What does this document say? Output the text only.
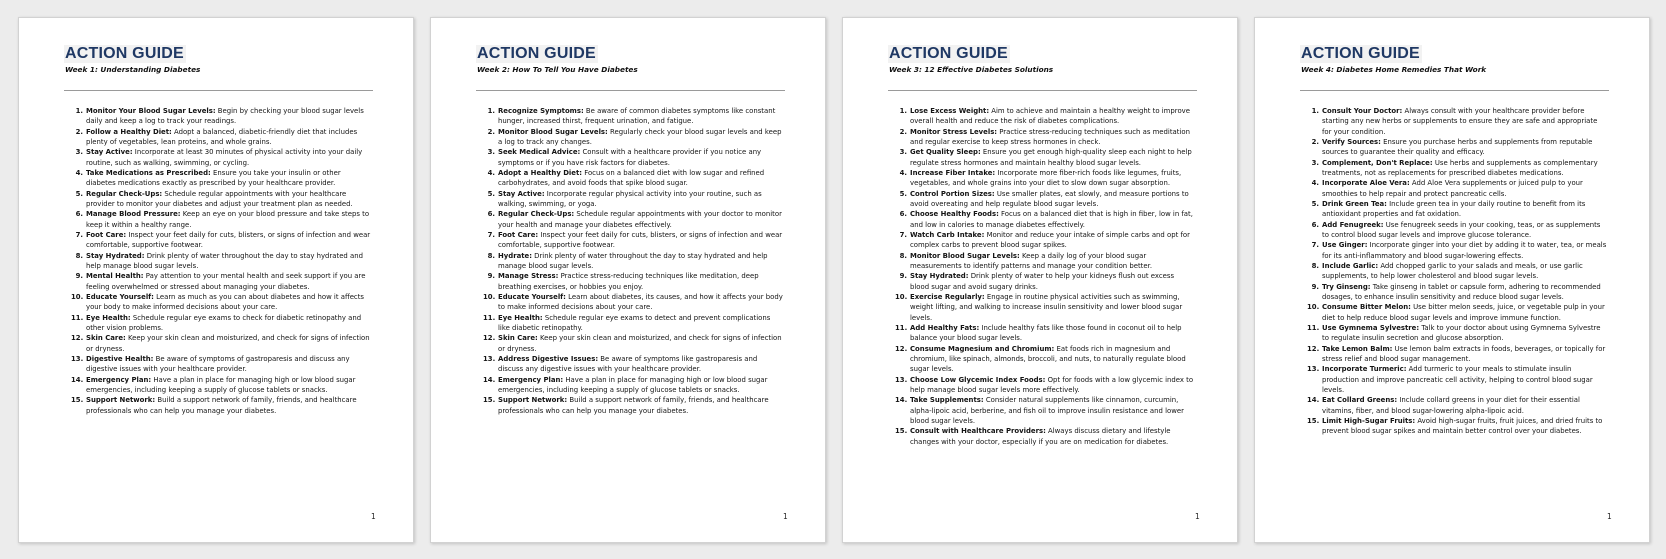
ACTION GUIDE
Week 1: Understanding Diabetes
1. Monitor Your Blood Sugar Levels: Begin by checking your blood sugar levels daily and keep a log to track your readings.
2. Follow a Healthy Diet: Adopt a balanced, diabetic-friendly diet that includes plenty of vegetables, lean proteins, and whole grains.
3. Stay Active: Incorporate at least 30 minutes of physical activity into your daily routine, such as walking, swimming, or cycling.
4. Take Medications as Prescribed: Ensure you take your insulin or other diabetes medications exactly as prescribed by your healthcare provider.
5. Regular Check-Ups: Schedule regular appointments with your healthcare provider to monitor your diabetes and adjust your treatment plan as needed.
6. Manage Blood Pressure: Keep an eye on your blood pressure and take steps to keep it within a healthy range.
7. Foot Care: Inspect your feet daily for cuts, blisters, or signs of infection and wear comfortable, supportive footwear.
8. Stay Hydrated: Drink plenty of water throughout the day to stay hydrated and help manage blood sugar levels.
9. Mental Health: Pay attention to your mental health and seek support if you are feeling overwhelmed or stressed about managing your diabetes.
10. Educate Yourself: Learn as much as you can about diabetes and how it affects your body to make informed decisions about your care.
11. Eye Health: Schedule regular eye exams to check for diabetic retinopathy and other vision problems.
12. Skin Care: Keep your skin clean and moisturized, and check for signs of infection or dryness.
13. Digestive Health: Be aware of symptoms of gastroparesis and discuss any digestive issues with your healthcare provider.
14. Emergency Plan: Have a plan in place for managing high or low blood sugar emergencies, including keeping a supply of glucose tablets or snacks.
15. Support Network: Build a support network of family, friends, and healthcare professionals who can help you manage your diabetes.
1
ACTION GUIDE
Week 2: How To Tell You Have Diabetes
1. Recognize Symptoms: Be aware of common diabetes symptoms like constant hunger, increased thirst, frequent urination, and fatigue.
2. Monitor Blood Sugar Levels: Regularly check your blood sugar levels and keep a log to track any changes.
3. Seek Medical Advice: Consult with a healthcare provider if you notice any symptoms or if you have risk factors for diabetes.
4. Adopt a Healthy Diet: Focus on a balanced diet with low sugar and refined carbohydrates, and avoid foods that spike blood sugar.
5. Stay Active: Incorporate regular physical activity into your routine, such as walking, swimming, or yoga.
6. Regular Check-Ups: Schedule regular appointments with your doctor to monitor your health and manage your diabetes effectively.
7. Foot Care: Inspect your feet daily for cuts, blisters, or signs of infection and wear comfortable, supportive footwear.
8. Hydrate: Drink plenty of water throughout the day to stay hydrated and help manage blood sugar levels.
9. Manage Stress: Practice stress-reducing techniques like meditation, deep breathing exercises, or hobbies you enjoy.
10. Educate Yourself: Learn about diabetes, its causes, and how it affects your body to make informed decisions about your care.
11. Eye Health: Schedule regular eye exams to detect and prevent complications like diabetic retinopathy.
12. Skin Care: Keep your skin clean and moisturized, and check for signs of infection or dryness.
13. Address Digestive Issues: Be aware of symptoms like gastroparesis and discuss any digestive issues with your healthcare provider.
14. Emergency Plan: Have a plan in place for managing high or low blood sugar emergencies, including keeping a supply of glucose tablets or snacks.
15. Support Network: Build a support network of family, friends, and healthcare professionals who can help you manage your diabetes.
1
ACTION GUIDE
Week 3: 12 Effective Diabetes Solutions
1. Lose Excess Weight: Aim to achieve and maintain a healthy weight to improve overall health and reduce the risk of diabetes complications.
2. Monitor Stress Levels: Practice stress-reducing techniques such as meditation and regular exercise to keep stress hormones in check.
3. Get Quality Sleep: Ensure you get enough high-quality sleep each night to help regulate stress hormones and maintain healthy blood sugar levels.
4. Increase Fiber Intake: Incorporate more fiber-rich foods like legumes, fruits, vegetables, and whole grains into your diet to slow down sugar absorption.
5. Control Portion Sizes: Use smaller plates, eat slowly, and measure portions to avoid overeating and help regulate blood sugar levels.
6. Choose Healthy Foods: Focus on a balanced diet that is high in fiber, low in fat, and low in calories to manage diabetes effectively.
7. Watch Carb Intake: Monitor and reduce your intake of simple carbs and opt for complex carbs to prevent blood sugar spikes.
8. Monitor Blood Sugar Levels: Keep a daily log of your blood sugar measurements to identify patterns and manage your condition better.
9. Stay Hydrated: Drink plenty of water to help your kidneys flush out excess blood sugar and avoid sugary drinks.
10. Exercise Regularly: Engage in routine physical activities such as swimming, weight lifting, and walking to increase insulin sensitivity and lower blood sugar levels.
11. Add Healthy Fats: Include healthy fats like those found in coconut oil to help balance your blood sugar levels.
12. Consume Magnesium and Chromium: Eat foods rich in magnesium and chromium, like spinach, almonds, broccoli, and nuts, to naturally regulate blood sugar levels.
13. Choose Low Glycemic Index Foods: Opt for foods with a low glycemic index to help manage blood sugar levels more effectively.
14. Take Supplements: Consider natural supplements like cinnamon, curcumin, alpha-lipoic acid, berberine, and fish oil to improve insulin resistance and lower blood sugar levels.
15. Consult with Healthcare Providers: Always discuss dietary and lifestyle changes with your doctor, especially if you are on medication for diabetes.
1
ACTION GUIDE
Week 4: Diabetes Home Remedies That Work
1. Consult Your Doctor: Always consult with your healthcare provider before starting any new herbs or supplements to ensure they are safe and appropriate for your condition.
2. Verify Sources: Ensure you purchase herbs and supplements from reputable sources to guarantee their quality and efficacy.
3. Complement, Don't Replace: Use herbs and supplements as complementary treatments, not as replacements for prescribed diabetes medications.
4. Incorporate Aloe Vera: Add Aloe Vera supplements or juiced pulp to your smoothies to help repair and protect pancreatic cells.
5. Drink Green Tea: Include green tea in your daily routine to benefit from its antioxidant properties and fat oxidation.
6. Add Fenugreek: Use fenugreek seeds in your cooking, teas, or as supplements to control blood sugar levels and improve glucose tolerance.
7. Use Ginger: Incorporate ginger into your diet by adding it to water, tea, or meals for its anti-inflammatory and blood sugar-lowering effects.
8. Include Garlic: Add chopped garlic to your salads and meals, or use garlic supplements, to help lower cholesterol and blood sugar levels.
9. Try Ginseng: Take ginseng in tablet or capsule form, adhering to recommended dosages, to enhance insulin sensitivity and reduce blood sugar levels.
10. Consume Bitter Melon: Use bitter melon seeds, juice, or vegetable pulp in your diet to help reduce blood sugar levels and improve immune function.
11. Use Gymnema Sylvestre: Talk to your doctor about using Gymnema Sylvestre to regulate insulin secretion and glucose absorption.
12. Take Lemon Balm: Use lemon balm extracts in foods, beverages, or topically for stress relief and blood sugar management.
13. Incorporate Turmeric: Add turmeric to your meals to stimulate insulin production and improve pancreatic cell activity, helping to control blood sugar levels.
14. Eat Collard Greens: Include collard greens in your diet for their essential vitamins, fiber, and blood sugar-lowering alpha-lipoic acid.
15. Limit High-Sugar Fruits: Avoid high-sugar fruits, fruit juices, and dried fruits to prevent blood sugar spikes and maintain better control over your diabetes.
1
